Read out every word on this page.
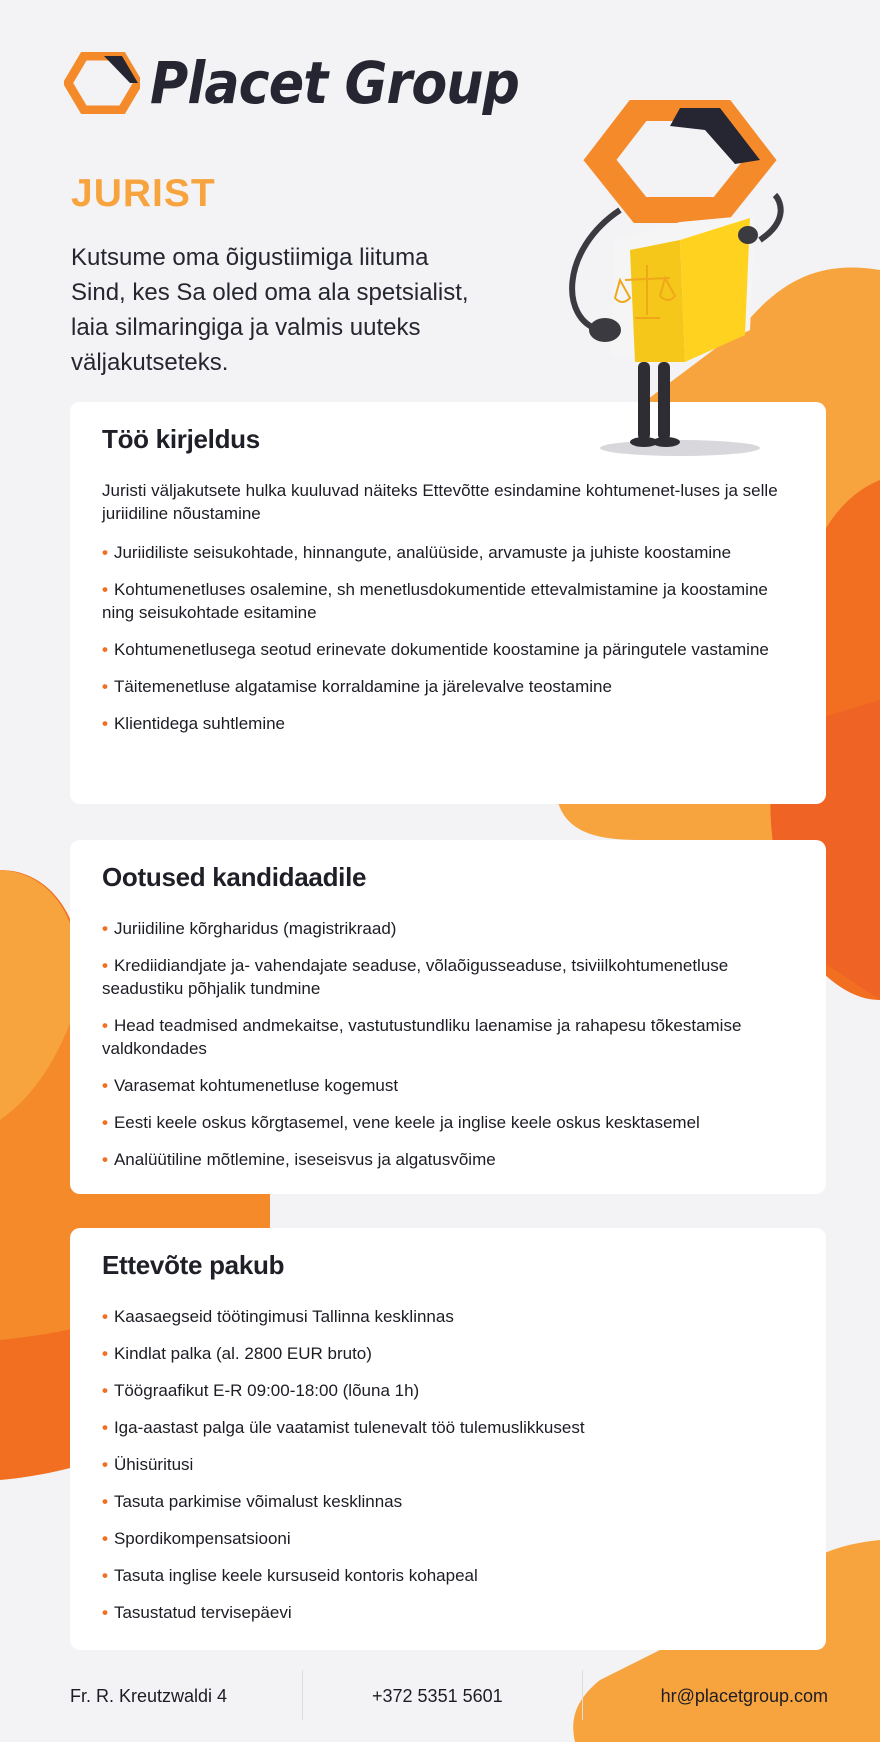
Placet Group
JURIST
Kutsume oma õigustiimiga liituma Sind, kes Sa oled oma ala spetsialist, laia silmaringiga ja valmis uuteks väljakutseteks.
Töö kirjeldus

Juristi väljakutsete hulka kuuluvad näiteks Ettevõtte esindamine kohtumenet-luses ja selle juriidiline nõustamine

• Juriidiliste seisukohtade, hinnangute, analüüside, arvamuste ja juhiste koostamine
• Kohtumenetluses osalemine, sh menetlusdokumentide ettevalmistamine ja koostamine ning seisukohtade esitamine
• Kohtumenetlusega seotud erinevate dokumentide koostamine ja päringutele vastamine
• Täitemenetluse algatamise korraldamine ja järelevalve teostamine
• Klientidega suhtlemine
Ootused kandidaadile
• Juriidiline kõrgharidus (magistrikraad)
• Krediidiandjate ja- vahendajate seaduse, võlaõigusseaduse, tsiviilkohtumenetluse seadustiku põhjalik tundmine
• Head teadmised andmekaitse, vastutustundliku laenamise ja rahapesu tõkestamise valdkondades
• Varasemat kohtumenetluse kogemust
• Eesti keele oskus kõrgtasemel, vene keele ja inglise keele oskus kesktasemel
• Analüütiline mõtlemine, iseseisvus ja algatusvõime
Ettevõte pakub
• Kaasaegseid töötingimusi Tallinna kesklinnas
• Kindlat palka (al. 2800 EUR bruto)
• Töögraafikut E-R 09:00-18:00 (lõuna 1h)
• Iga-aastast palga üle vaatamist tulenevalt töö tulemuslikkusest
• Ühisüritusi
• Tasuta parkimise võimalust kesklinnas
• Spordikompensatsiooni
• Tasuta inglise keele kursuseid kontoris kohapeal
• Tasustatud tervisepäevi
Fr. R. Kreutzwaldi 4	+372 5351 5601	hr@placetgroup.com
